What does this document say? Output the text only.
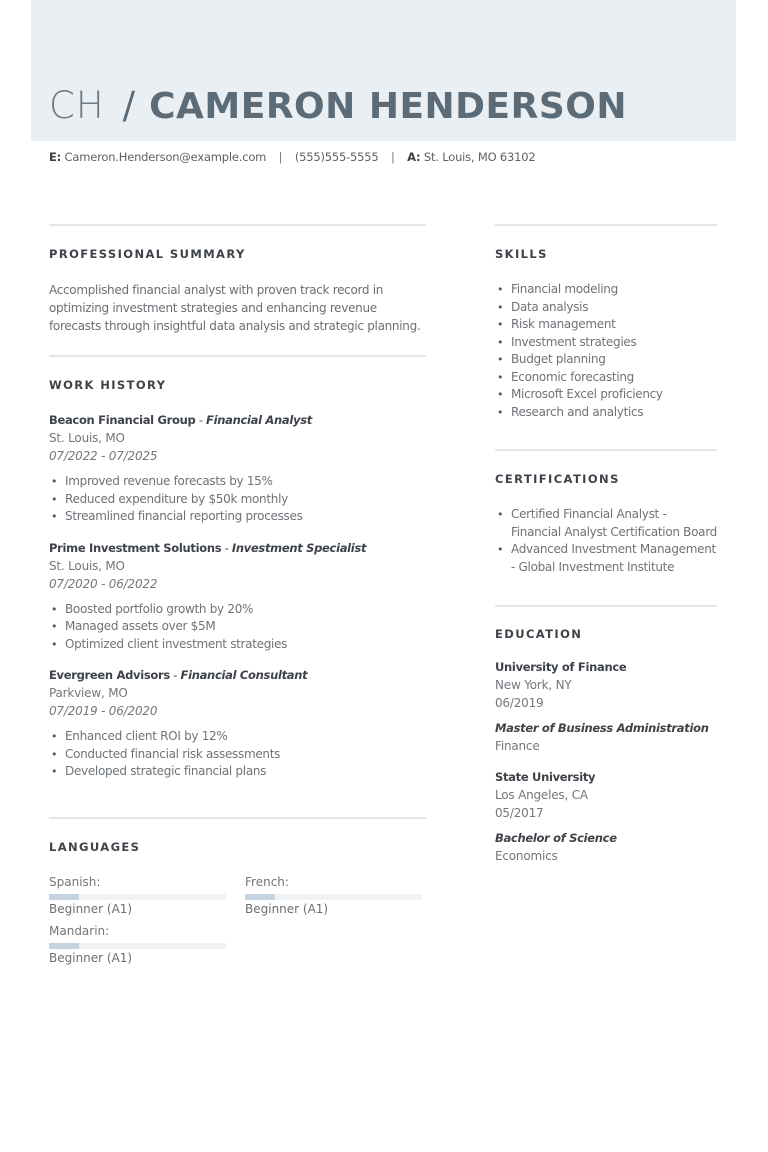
CH / CAMERON HENDERSON
E: Cameron.Henderson@example.com | (555)555-5555 | A: St. Louis, MO 63102
PROFESSIONAL SUMMARY
Accomplished financial analyst with proven track record in optimizing investment strategies and enhancing revenue forecasts through insightful data analysis and strategic planning.
WORK HISTORY
Beacon Financial Group - Financial Analyst
St. Louis, MO
07/2022 - 07/2025
• Improved revenue forecasts by 15%
• Reduced expenditure by $50k monthly
• Streamlined financial reporting processes
Prime Investment Solutions - Investment Specialist
St. Louis, MO
07/2020 - 06/2022
• Boosted portfolio growth by 20%
• Managed assets over $5M
• Optimized client investment strategies
Evergreen Advisors - Financial Consultant
Parkview, MO
07/2019 - 06/2020
• Enhanced client ROI by 12%
• Conducted financial risk assessments
• Developed strategic financial plans
LANGUAGES
Spanish:
Beginner (A1)
French:
Beginner (A1)
Mandarin:
Beginner (A1)
SKILLS
• Financial modeling
• Data analysis
• Risk management
• Investment strategies
• Budget planning
• Economic forecasting
• Microsoft Excel proficiency
• Research and analytics
CERTIFICATIONS
• Certified Financial Analyst - Financial Analyst Certification Board
• Advanced Investment Management - Global Investment Institute
EDUCATION
University of Finance
New York, NY
06/2019
Master of Business Administration
Finance
State University
Los Angeles, CA
05/2017
Bachelor of Science
Economics
